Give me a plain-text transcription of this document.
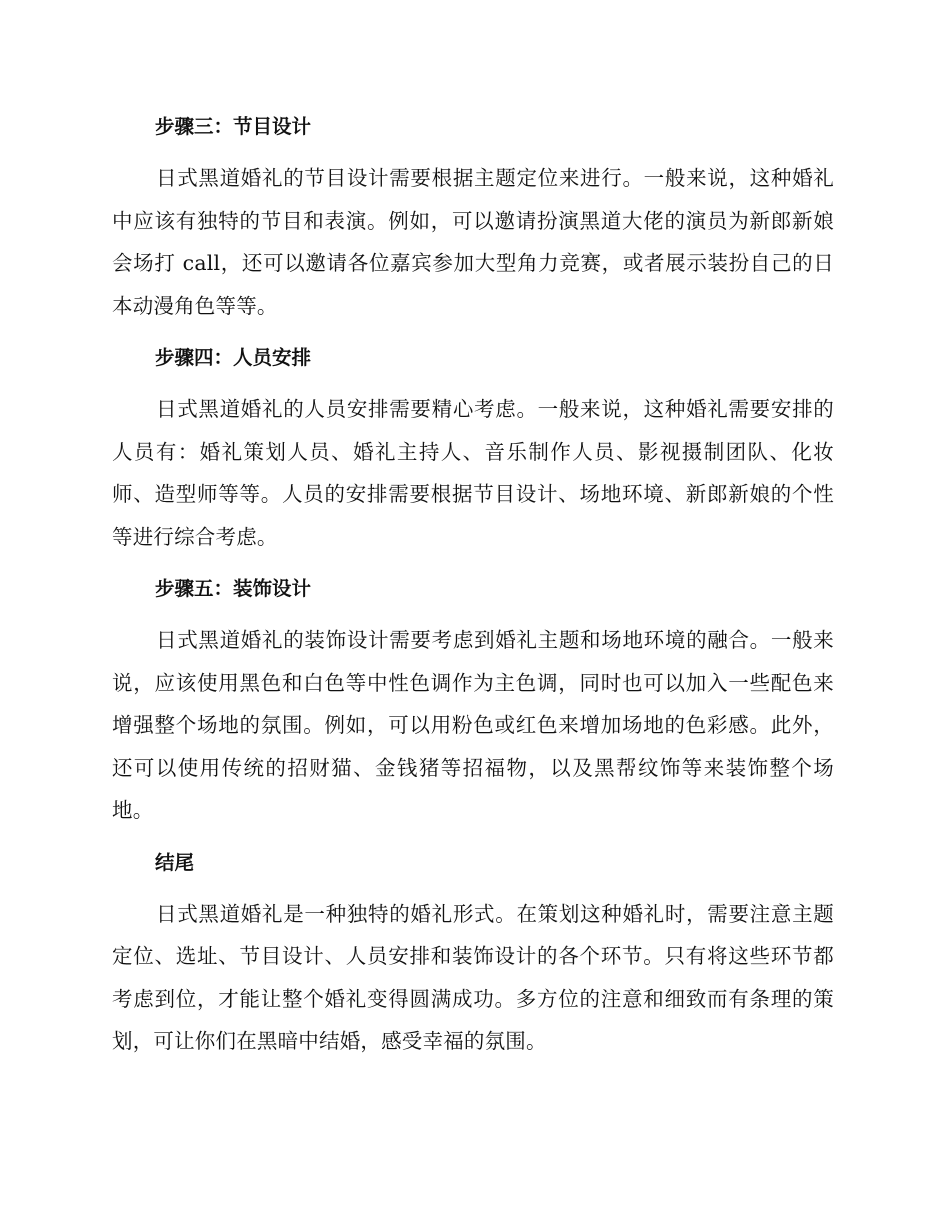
步骤三：节目设计

日式黑道婚礼的节目设计需要根据主题定位来进行。一般来说，这种婚礼中应该有独特的节目和表演。例如，可以邀请扮演黑道大佬的演员为新郎新娘会场打 call，还可以邀请各位嘉宾参加大型角力竞赛，或者展示装扮自己的日本动漫角色等等。

步骤四：人员安排

日式黑道婚礼的人员安排需要精心考虑。一般来说，这种婚礼需要安排的人员有：婚礼策划人员、婚礼主持人、音乐制作人员、影视摄制团队、化妆师、造型师等等。人员的安排需要根据节目设计、场地环境、新郎新娘的个性等进行综合考虑。

步骤五：装饰设计

日式黑道婚礼的装饰设计需要考虑到婚礼主题和场地环境的融合。一般来说，应该使用黑色和白色等中性色调作为主色调，同时也可以加入一些配色来增强整个场地的氛围。例如，可以用粉色或红色来增加场地的色彩感。此外，还可以使用传统的招财猫、金钱猪等招福物，以及黑帮纹饰等来装饰整个场地。

结尾

日式黑道婚礼是一种独特的婚礼形式。在策划这种婚礼时，需要注意主题定位、选址、节目设计、人员安排和装饰设计的各个环节。只有将这些环节都考虑到位，才能让整个婚礼变得圆满成功。多方位的注意和细致而有条理的策划，可让你们在黑暗中结婚，感受幸福的氛围。
